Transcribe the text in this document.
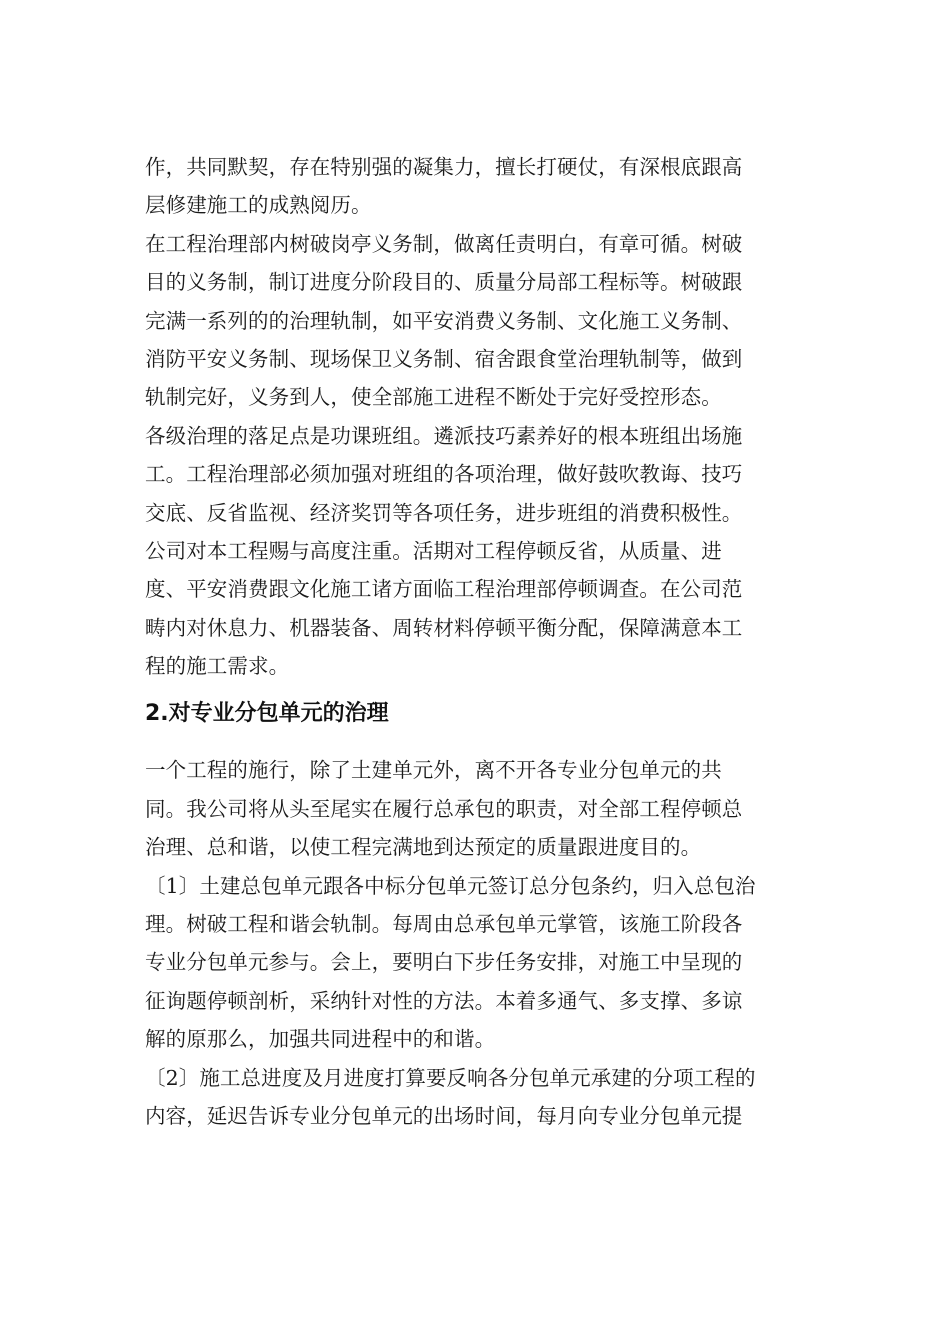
作，共同默契，存在特别强的凝集力，擅长打硬仗，有深根底跟高
层修建施工的成熟阅历。
在工程治理部内树破岗亭义务制，做离任责明白，有章可循。树破
目的义务制，制订进度分阶段目的、质量分局部工程标等。树破跟
完满一系列的的治理轨制，如平安消费义务制、文化施工义务制、
消防平安义务制、现场保卫义务制、宿舍跟食堂治理轨制等，做到
轨制完好，义务到人，使全部施工进程不断处于完好受控形态。
各级治理的落足点是功课班组。遴派技巧素养好的根本班组出场施
工。工程治理部必须加强对班组的各项治理，做好鼓吹教诲、技巧
交底、反省监视、经济奖罚等各项任务，进步班组的消费积极性。
公司对本工程赐与高度注重。活期对工程停顿反省，从质量、进
度、平安消费跟文化施工诸方面临工程治理部停顿调查。在公司范
畴内对休息力、机器装备、周转材料停顿平衡分配，保障满意本工
程的施工需求。
2.对专业分包单元的治理
一个工程的施行，除了土建单元外，离不开各专业分包单元的共
同。我公司将从头至尾实在履行总承包的职责，对全部工程停顿总
治理、总和谐，以使工程完满地到达预定的质量跟进度目的。
〔1〕土建总包单元跟各中标分包单元签订总分包条约，归入总包治
理。树破工程和谐会轨制。每周由总承包单元掌管，该施工阶段各
专业分包单元参与。会上，要明白下步任务安排，对施工中呈现的
征询题停顿剖析，采纳针对性的方法。本着多通气、多支撑、多谅
解的原那么，加强共同进程中的和谐。
〔2〕施工总进度及月进度打算要反响各分包单元承建的分项工程的
内容，延迟告诉专业分包单元的出场时间，每月向专业分包单元提
